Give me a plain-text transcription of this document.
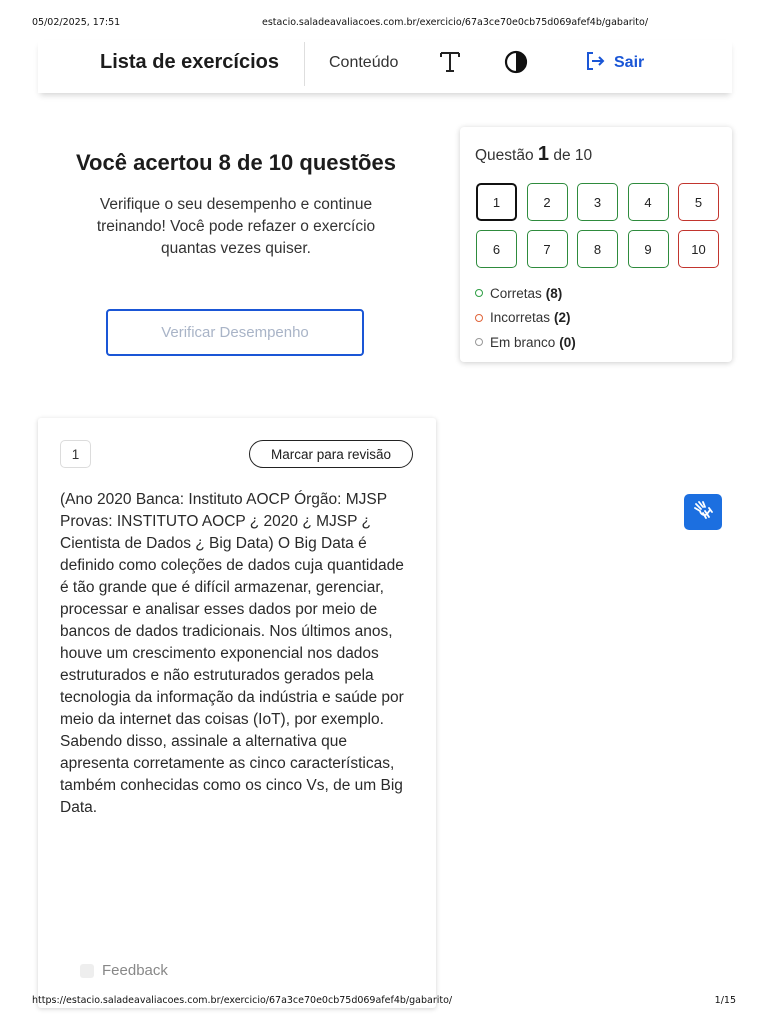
05/02/2025, 17:51	estacio.saladeavaliacoes.com.br/exercicio/67a3ce70e0cb75d069afef4b/gabarito/
Lista de exercícios	Conteúdo	Sair
Você acertou 8 de 10 questões
Verifique o seu desempenho e continue treinando! Você pode refazer o exercício quantas vezes quiser.
Verificar Desempenho
Questão 1 de 10
1	2	3	4	5
6	7	8	9	10
Corretas (8)
Incorretas (2)
Em branco (0)
1	Marcar para revisão

(Ano 2020 Banca: Instituto AOCP Órgão: MJSP Provas: INSTITUTO AOCP ¿ 2020 ¿ MJSP ¿ Cientista de Dados ¿ Big Data) O Big Data é definido como coleções de dados cuja quantidade é tão grande que é difícil armazenar, gerenciar, processar e analisar esses dados por meio de bancos de dados tradicionais. Nos últimos anos, houve um crescimento exponencial nos dados estruturados e não estruturados gerados pela tecnologia da informação da indústria e saúde por meio da internet das coisas (IoT), por exemplo. Sabendo disso, assinale a alternativa que apresenta corretamente as cinco características, também conhecidas como os cinco Vs, de um Big Data.

Feedback
https://estacio.saladeavaliacoes.com.br/exercicio/67a3ce70e0cb75d069afef4b/gabarito/	1/15
